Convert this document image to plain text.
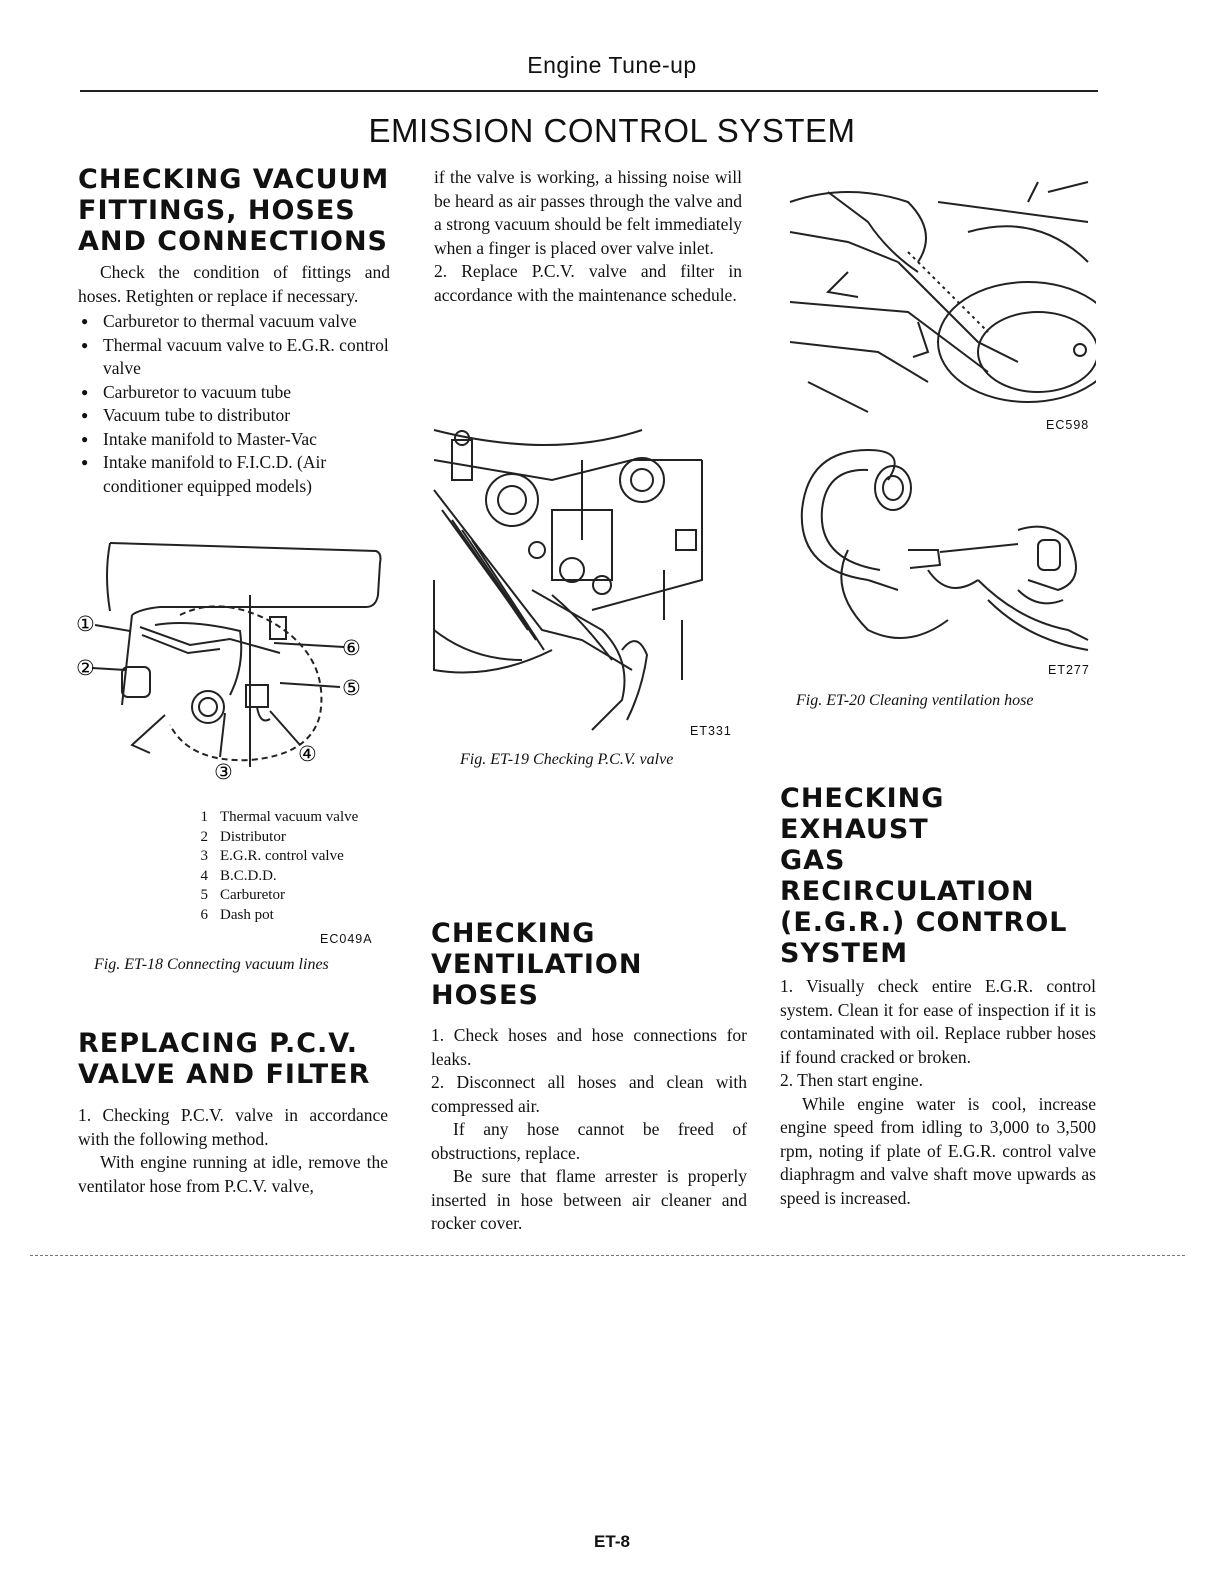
Engine Tune-up
EMISSION CONTROL SYSTEM
CHECKING VACUUM
FITTINGS, HOSES
AND CONNECTIONS

Check the condition of fittings and hoses. Retighten or replace if necessary.

● Carburetor to thermal vacuum valve
● Thermal vacuum valve to E.G.R. control valve
● Carburetor to vacuum tube
● Vacuum tube to distributor
● Intake manifold to Master-Vac
● Intake manifold to F.I.C.D. (Air conditioner equipped models)
①
②
③
④
⑤
⑥
1 Thermal vacuum valve
2 Distributor
3 E.G.R. control valve
4 B.C.D.D.
5 Carburetor
6 Dash pot
EC049A
Fig. ET-18 Connecting vacuum lines
REPLACING P.C.V.
VALVE AND FILTER

1. Checking P.C.V. valve in accordance with the following method.

With engine running at idle, remove the ventilator hose from P.C.V. valve,

if the valve is working, a hissing noise will be heard as air passes through the valve and a strong vacuum should be felt immediately when a finger is placed over valve inlet.

2. Replace P.C.V. valve and filter in accordance with the maintenance schedule.

ET331
Fig. ET-19 Checking P.C.V. valve
CHECKING
VENTILATION HOSES

1. Check hoses and hose connections for leaks.

2. Disconnect all hoses and clean with compressed air.

If any hose cannot be freed of obstructions, replace.

Be sure that flame arrester is properly inserted in hose between air cleaner and rocker cover.

EC598
ET277
Fig. ET-20 Cleaning ventilation hose
CHECKING EXHAUST
GAS RECIRCULATION
(E.G.R.) CONTROL
SYSTEM

1. Visually check entire E.G.R. control system. Clean it for ease of inspection if it is contaminated with oil. Replace rubber hoses if found cracked or broken.

2. Then start engine.

While engine water is cool, increase engine speed from idling to 3,000 to 3,500 rpm, noting if plate of E.G.R. control valve diaphragm and valve shaft move upwards as speed is increased.

ET-8
